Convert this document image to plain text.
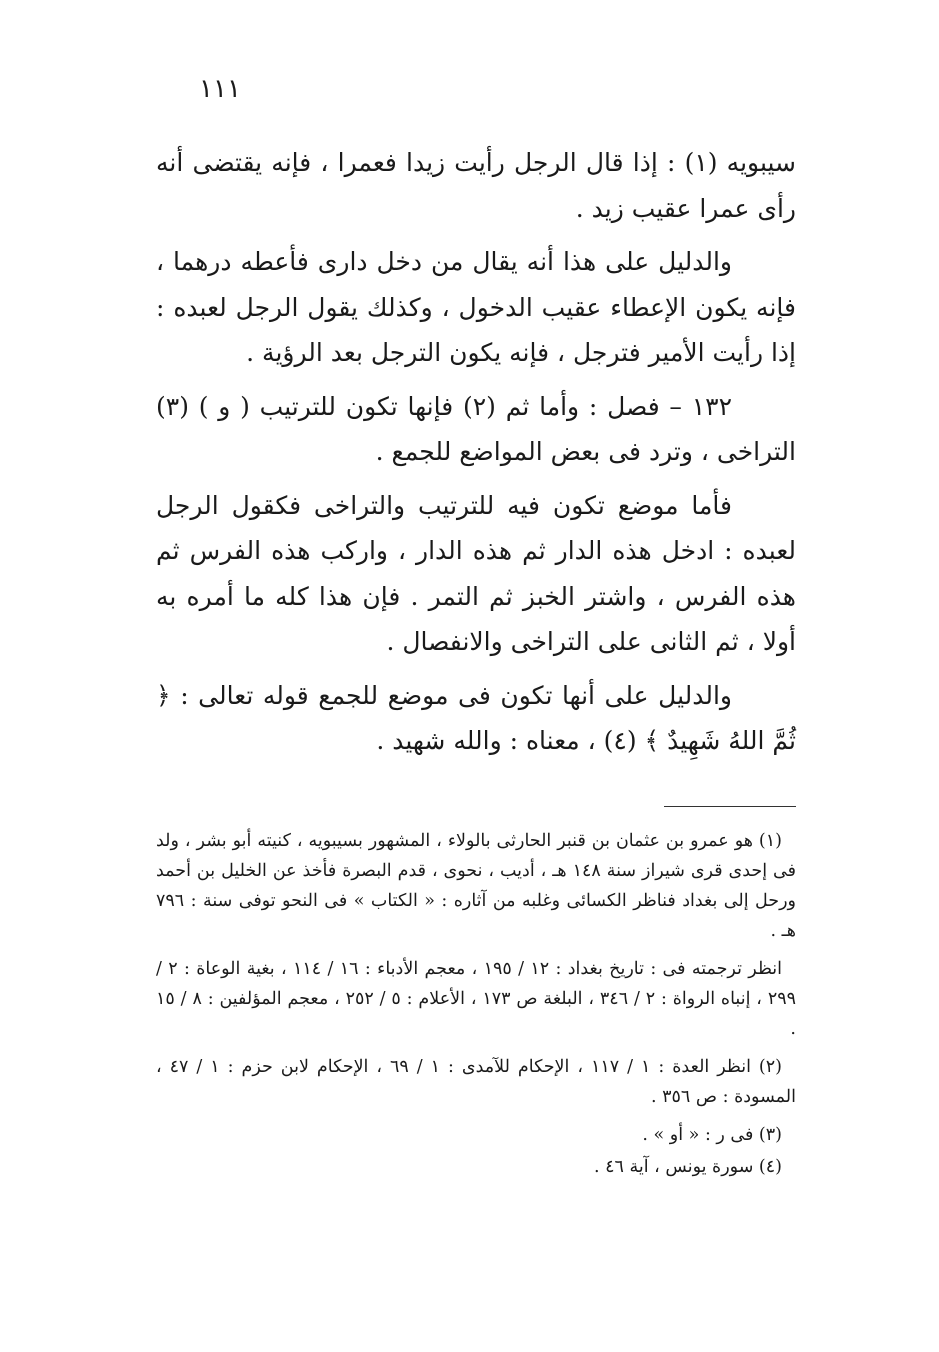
١١١

سيبويه (١) : إذا قال الرجل رأيت زيدا فعمرا ، فإنه يقتضى أنه رأى عمرا عقيب زيد .

والدليل على هذا أنه يقال من دخل دارى فأعطه درهما ، فإنه يكون الإعطاء عقيب الدخول ، وكذلك يقول الرجل لعبده : إذا رأيت الأمير فترجل ، فإنه يكون الترجل بعد الرؤية .

١٣٢ – فصل : وأما ثم (٢) فإنها تكون للترتيب ( و ) (٣) التراخى ، وترد فى بعض المواضع للجمع .

فأما موضع تكون فيه للترتيب والتراخى فكقول الرجل لعبده : ادخل هذه الدار ثم هذه الدار ، واركب هذه الفرس ثم هذه الفرس ، واشتر الخبز ثم التمر . فإن هذا كله ما أمره به أولا ، ثم الثانى على التراخى والانفصال .

والدليل على أنها تكون فى موضع للجمع قوله تعالى : ﴿ ثُمَّ اللهُ شَهِيدٌ ﴾ (٤) ، معناه : والله شهيد .

(١) هو عمرو بن عثمان بن قنبر الحارثى بالولاء ، المشهور بسيبويه ، كنيته أبو بشر ، ولد فى إحدى قرى شيراز سنة ١٤٨ هـ ، أديب ، نحوى ، قدم البصرة فأخذ عن الخليل بن أحمد ورحل إلى بغداد فناظر الكسائى وغلبه من آثاره : « الكتاب » فى النحو توفى سنة : ٧٩٦ هـ .

انظر ترجمته فى : تاريخ بغداد : ١٢ / ١٩٥ ، معجم الأدباء : ١٦ / ١١٤ ، بغية الوعاة : ٢ / ٢٩٩ ، إنباه الرواة : ٢ / ٣٤٦ ، البلغة ص ١٧٣ ، الأعلام : ٥ / ٢٥٢ ، معجم المؤلفين : ٨ / ١٥ .

(٢) انظر العدة : ١ / ١١٧ ، الإحكام للآمدى : ١ / ٦٩ ، الإحكام لابن حزم : ١ / ٤٧ ، المسودة : ص ٣٥٦ .

(٣) فى ر : « أو » .

(٤) سورة يونس ، آية ٤٦ .
